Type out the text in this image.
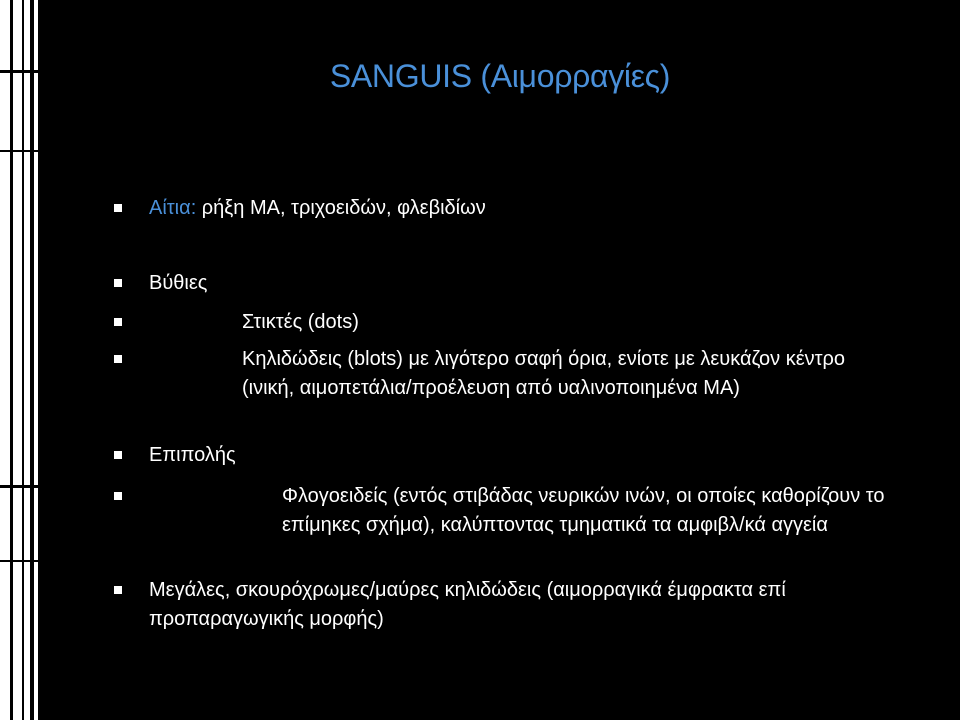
SANGUIS (Αιμορραγίες)
Αίτια: ρήξη ΜΑ, τριχοειδών, φλεβιδίων
Βύθιες
Στικτές (dots)
Κηλιδώδεις (blots) με λιγότερο σαφή όρια, ενίοτε με λευκάζον κέντρο (ινική, αιμοπετάλια/προέλευση από υαλινοποιημένα ΜΑ)
Επιπολής
Φλογοειδείς (εντός στιβάδας νευρικών ινών, οι οποίες καθορίζουν το επίμηκες σχήμα), καλύπτοντας τμηματικά τα αμφιβλ/κά αγγεία
Μεγάλες, σκουρόχρωμες/μαύρες κηλιδώδεις (αιμορραγικά έμφρακτα επί προπαραγωγικής μορφής)
